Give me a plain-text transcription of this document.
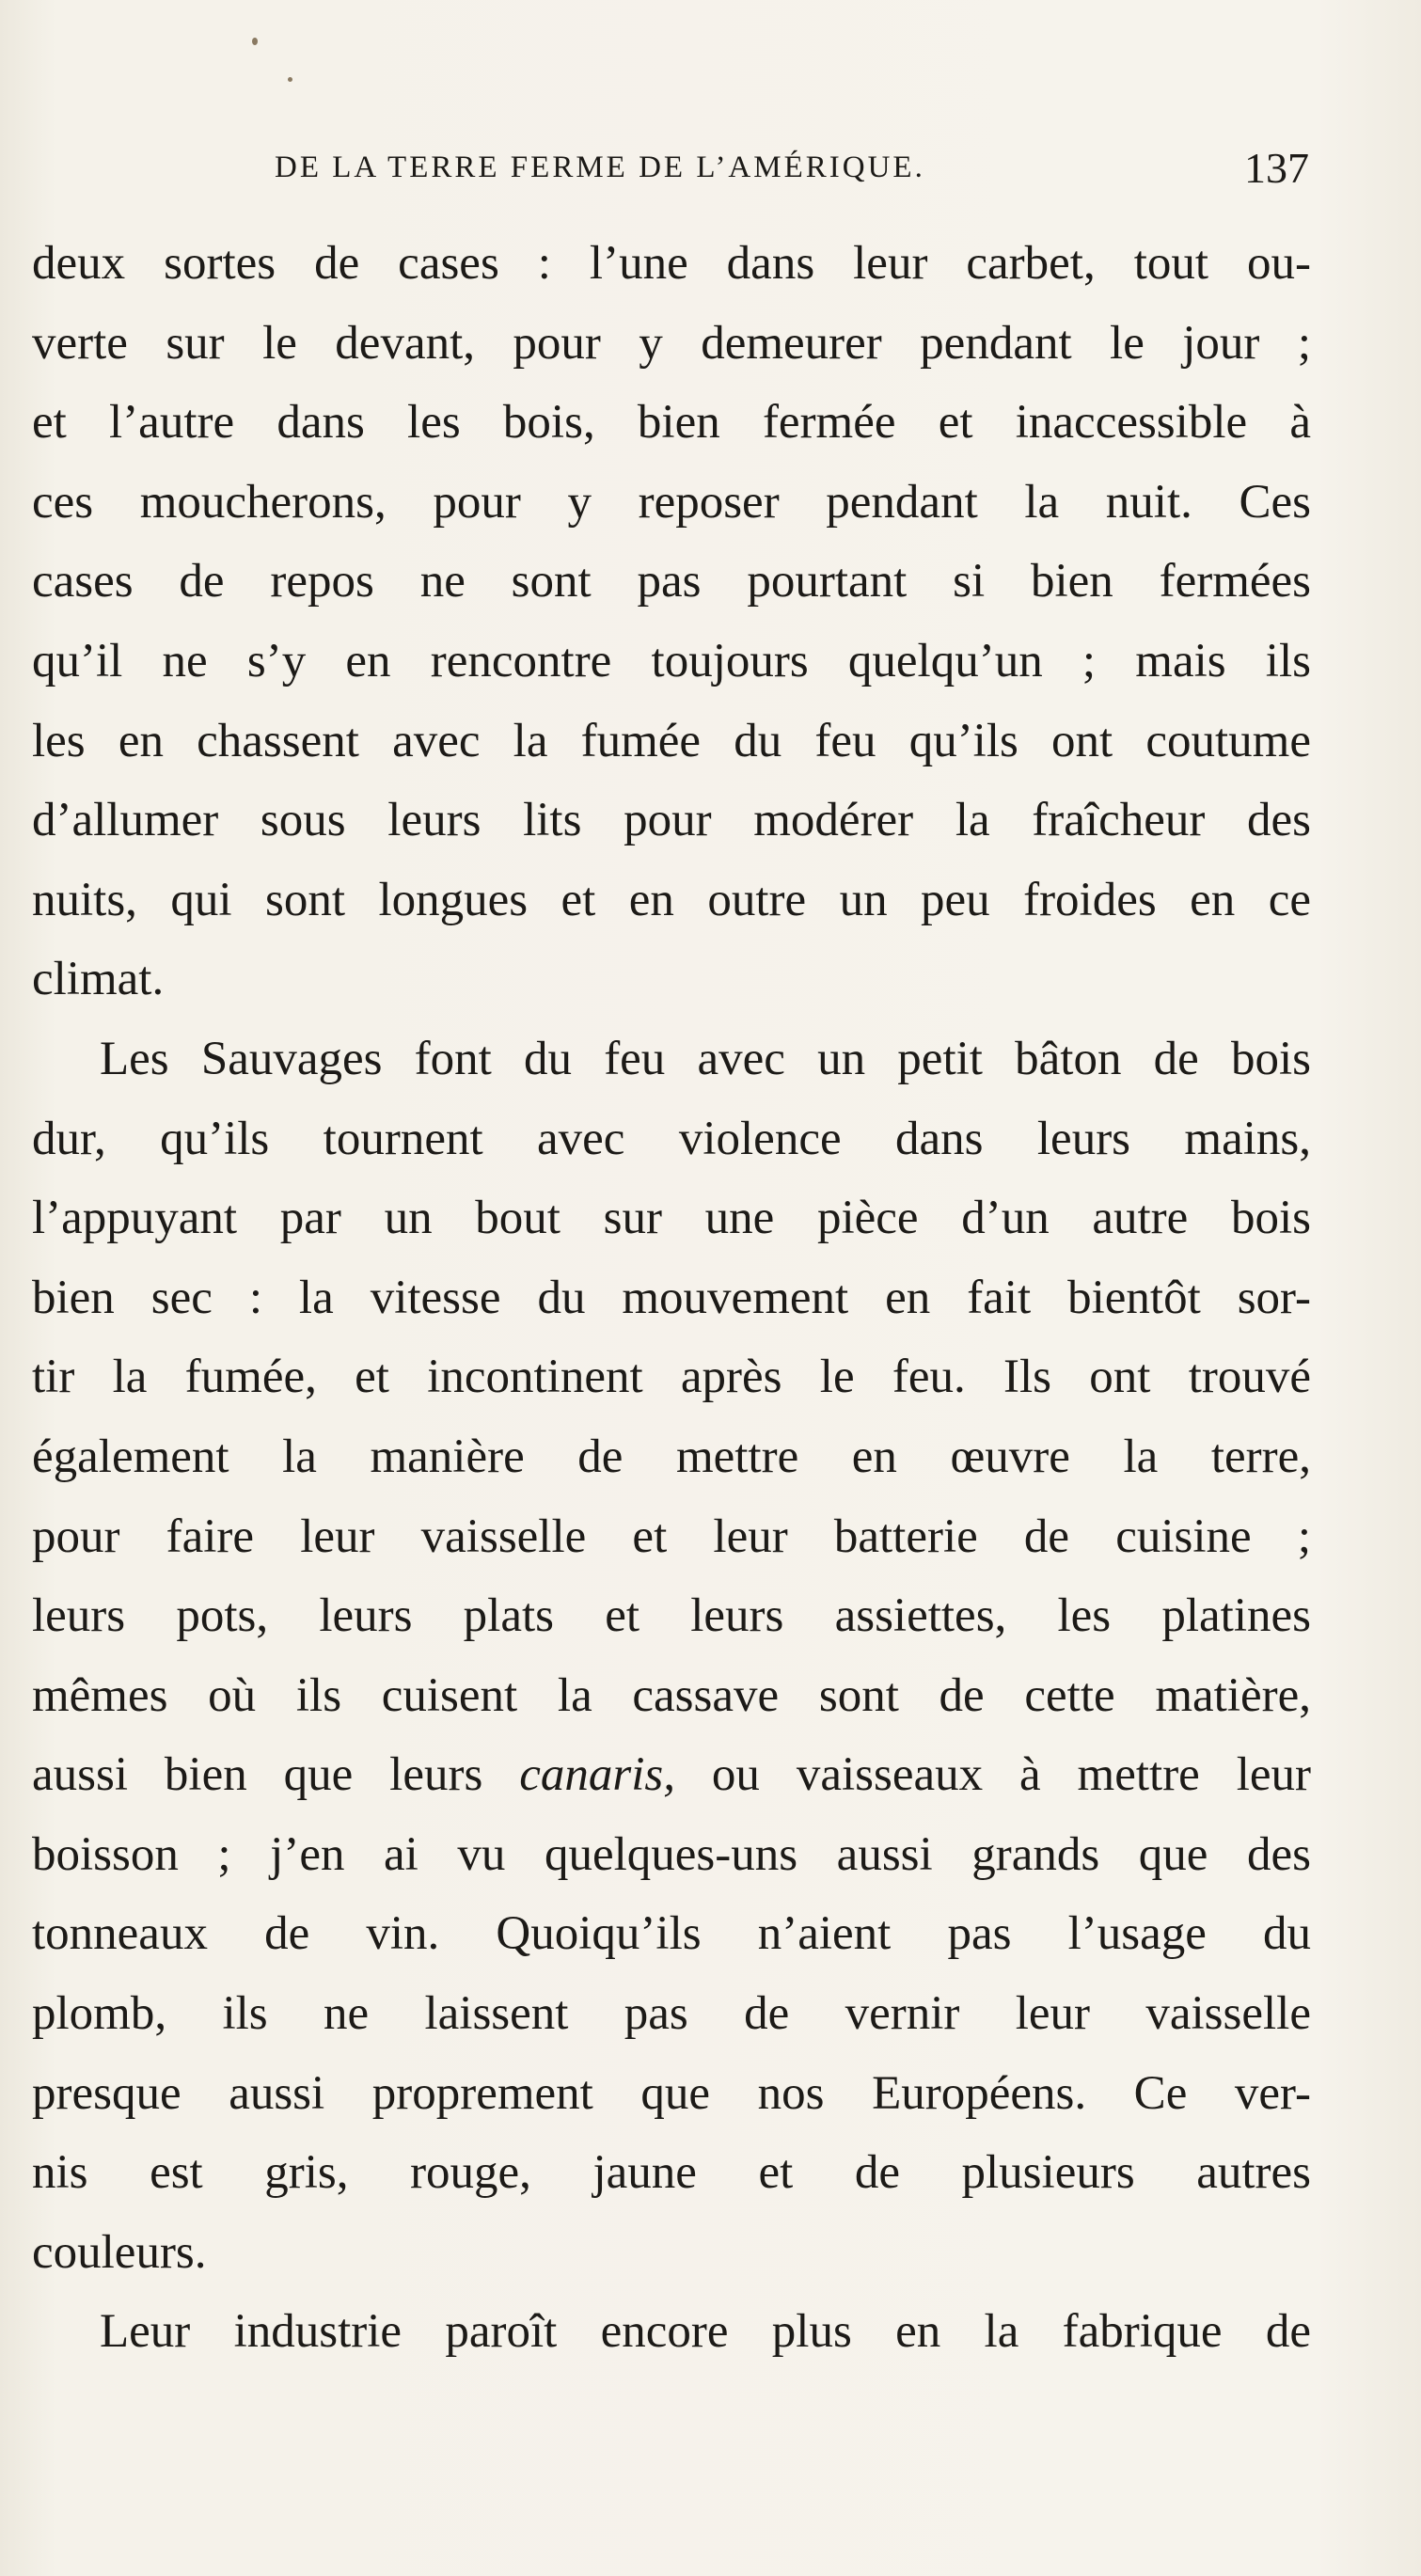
DE LA TERRE FERME DE L’AMÉRIQUE.	137
deux sortes de cases : l’une dans leur carbet, tout ou-
verte sur le devant, pour y demeurer pendant le jour ;
et l’autre dans les bois, bien fermée et inaccessible à
ces moucherons, pour y reposer pendant la nuit. Ces
cases de repos ne sont pas pourtant si bien fermées
qu’il ne s’y en rencontre toujours quelqu’un ; mais ils
les en chassent avec la fumée du feu qu’ils ont coutume
d’allumer sous leurs lits pour modérer la fraîcheur des
nuits, qui sont longues et en outre un peu froides en ce
climat.
Les Sauvages font du feu avec un petit bâton de bois
dur, qu’ils tournent avec violence dans leurs mains,
l’appuyant par un bout sur une pièce d’un autre bois
bien sec : la vitesse du mouvement en fait bientôt sor-
tir la fumée, et incontinent après le feu. Ils ont trouvé
également la manière de mettre en œuvre la terre,
pour faire leur vaisselle et leur batterie de cuisine ;
leurs pots, leurs plats et leurs assiettes, les platines
mêmes où ils cuisent la cassave sont de cette matière,
aussi bien que leurs canaris, ou vaisseaux à mettre leur
boisson ; j’en ai vu quelques-uns aussi grands que des
tonneaux de vin. Quoiqu’ils n’aient pas l’usage du
plomb, ils ne laissent pas de vernir leur vaisselle
presque aussi proprement que nos Européens. Ce ver-
nis est gris, rouge, jaune et de plusieurs autres
couleurs.
Leur industrie paroît encore plus en la fabrique de
